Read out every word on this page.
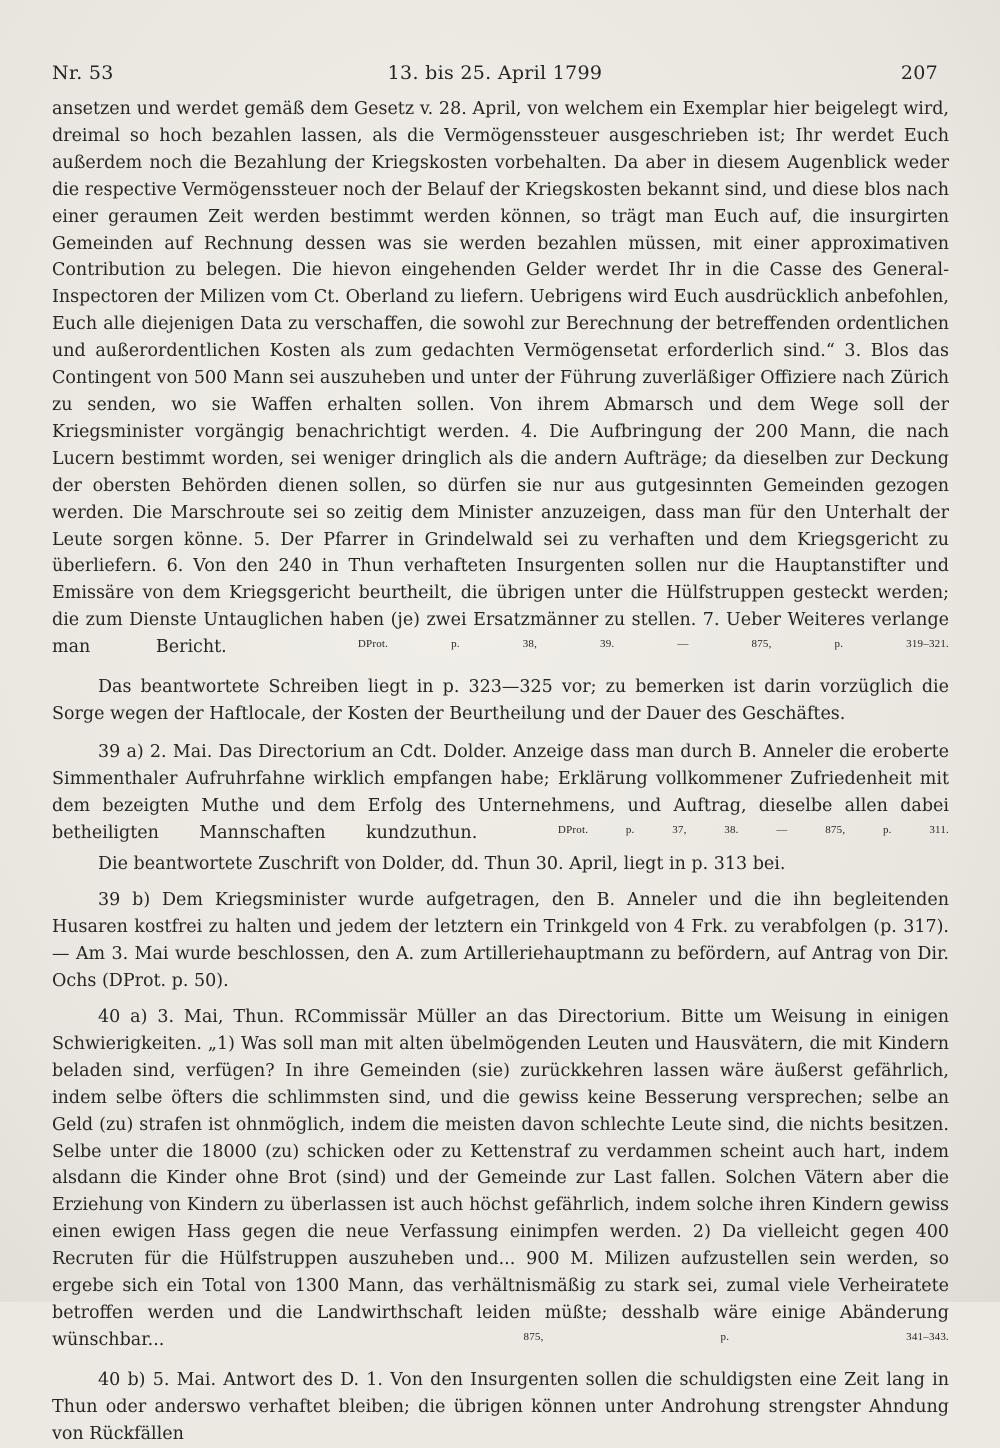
Nr. 53	13. bis 25. April 1799	207

ansetzen und werdet gemäß dem Gesetz v. 28. April, von welchem ein Exemplar hier beigelegt wird, dreimal so hoch bezahlen lassen, als die Vermögenssteuer ausgeschrieben ist; Ihr werdet Euch außerdem noch die Bezahlung der Kriegskosten vorbehalten. Da aber in diesem Augenblick weder die respective Vermögenssteuer noch der Belauf der Kriegskosten bekannt sind, und diese blos nach einer geraumen Zeit werden bestimmt werden können, so trägt man Euch auf, die insurgirten Gemeinden auf Rechnung dessen was sie werden bezahlen müssen, mit einer approximativen Contribution zu belegen. Die hievon eingehenden Gelder werdet Ihr in die Casse des General-Inspectoren der Milizen vom Ct. Oberland zu liefern. Uebrigens wird Euch ausdrücklich anbefohlen, Euch alle diejenigen Data zu verschaffen, die sowohl zur Berechnung der betreffenden ordentlichen und außerordentlichen Kosten als zum gedachten Vermögensetat erforderlich sind.“ 3. Blos das Contingent von 500 Mann sei auszuheben und unter der Führung zuverläßiger Offiziere nach Zürich zu senden, wo sie Waffen erhalten sollen. Von ihrem Abmarsch und dem Wege soll der Kriegsminister vorgängig benachrichtigt werden. 4. Die Aufbringung der 200 Mann, die nach Lucern bestimmt worden, sei weniger dringlich als die andern Aufträge; da dieselben zur Deckung der obersten Behörden dienen sollen, so dürfen sie nur aus gutgesinnten Gemeinden gezogen werden. Die Marschroute sei so zeitig dem Minister anzuzeigen, dass man für den Unterhalt der Leute sorgen könne. 5. Der Pfarrer in Grindelwald sei zu verhaften und dem Kriegsgericht zu überliefern. 6. Von den 240 in Thun verhafteten Insurgenten sollen nur die Hauptanstifter und Emissäre von dem Kriegsgericht beurtheilt, die übrigen unter die Hülfstruppen gesteckt werden; die zum Dienste Untauglichen haben (je) zwei Ersatzmänner zu stellen. 7. Ueber Weiteres verlange man Bericht.	$^{DProt. p. 38, 39. — 875, p. 319-321.}$

Das beantwortete Schreiben liegt in p. 323—325 vor; zu bemerken ist darin vorzüglich die Sorge wegen der Haftlocale, der Kosten der Beurtheilung und der Dauer des Geschäftes.

39 a) 2. Mai. Das Directorium an Cdt. Dolder. Anzeige dass man durch B. Anneler die eroberte Simmenthaler Aufruhrfahne wirklich empfangen habe; Erklärung vollkommener Zufriedenheit mit dem bezeigten Muthe und dem Erfolg des Unternehmens, und Auftrag, dieselbe allen dabei betheiligten Mannschaften kundzuthun.	$^{DProt. p. 37, 38. — 875, p. 311.}$

Die beantwortete Zuschrift von Dolder, dd. Thun 30. April, liegt in p. 313 bei.

39 b) Dem Kriegsminister wurde aufgetragen, den B. Anneler und die ihn begleitenden Husaren kostfrei zu halten und jedem der letztern ein Trinkgeld von 4 Frk. zu verabfolgen (p. 317). — Am 3. Mai wurde beschlossen, den A. zum Artilleriehauptmann zu befördern, auf Antrag von Dir. Ochs (DProt. p. 50).

40 a) 3. Mai, Thun. RCommissär Müller an das Directorium. Bitte um Weisung in einigen Schwierigkeiten. „1) Was soll man mit alten übelmögenden Leuten und Hausvätern, die mit Kindern beladen sind, verfügen? In ihre Gemeinden (sie) zurückkehren lassen wäre äußerst gefährlich, indem selbe öfters die schlimmsten sind, und die gewiss keine Besserung versprechen; selbe an Geld (zu) strafen ist ohnmöglich, indem die meisten davon schlechte Leute sind, die nichts besitzen. Selbe unter die 18000 (zu) schicken oder zu Kettenstraf zu verdammen scheint auch hart, indem alsdann die Kinder ohne Brot (sind) und der Gemeinde zur Last fallen. Solchen Vätern aber die Erziehung von Kindern zu überlassen ist auch höchst gefährlich, indem solche ihren Kindern gewiss einen ewigen Hass gegen die neue Verfassung einimpfen werden. 2) Da vielleicht gegen 400 Recruten für die Hülfstruppen auszuheben und... 900 M. Milizen aufzustellen sein werden, so ergebe sich ein Total von 1300 Mann, das verhältnismäßig zu stark sei, zumal viele Verheiratete betroffen werden und die Landwirthschaft leiden müßte; desshalb wäre einige Abänderung wünschbar...	$^{875, p. 341-343.}$

40 b) 5. Mai. Antwort des D. 1. Von den Insurgenten sollen die schuldigsten eine Zeit lang in Thun oder anderswo verhaftet bleiben; die übrigen können unter Androhung strengster Ahndung von Rückfällen
